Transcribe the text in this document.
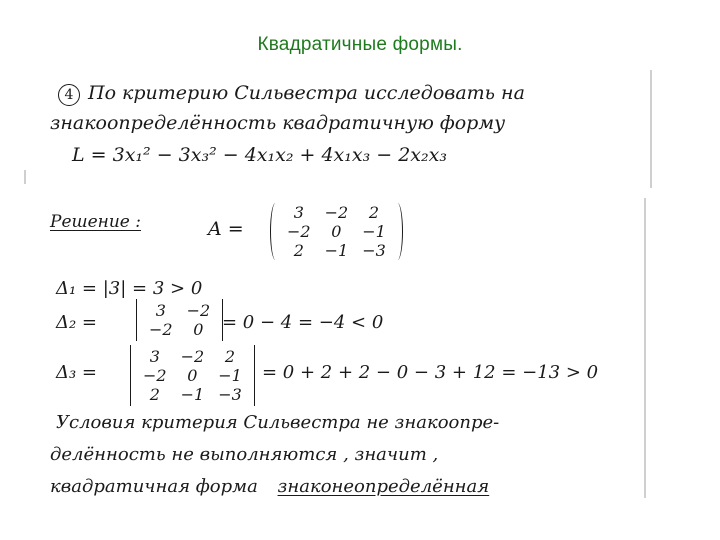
Квадратичные формы.
4 По критерию Сильвестра исследовать на
знакоопределённость квадратичную форму
L = 3x₁² − 3x₃² − 4x₁x₂ + 4x₁x₃ − 2x₂x₃
Решение :	A =
3	−2	2
−2	0	−1
2	−1	−3
Δ₁ = |3| = 3 > 0
Δ₂ =
3	−2
−2	0 = 0 − 4 = −4 < 0
Δ₃ =
3	−2	2
−2	0	−1
2	−1	−3
= 0 + 2 + 2 − 0 − 3 + 12 = −13 > 0
Условия критерия Сильвестра не знакоопре-
делённость не выполняются , значит ,
квадратичная форма знаконеопределённая
